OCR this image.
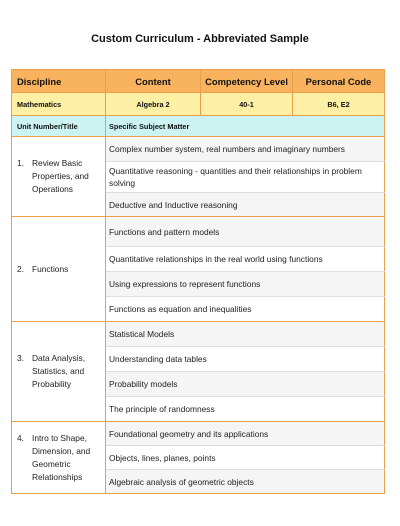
Custom Curriculum - Abbreviated Sample
Discipline	Content	Competency Level	Personal Code
Mathematics	Algebra 2	40-1	B6, E2
Unit Number/Title	Specific Subject Matter		

1. Review Basic Properties, and Operations	Complex number system, real numbers and imaginary numbers		
	Quantitative reasoning - quantities and their relationships in problem solving		
	Deductive and Inductive reasoning		

2. Functions	Functions and pattern models		
	Quantitative relationships in the real world using functions		
	Using expressions to represent functions		
	Functions as equation and inequalities		

3. Data Analysis, Statistics, and Probability	Statistical Models		
	Understanding data tables		
	Probability models		
	The principle of randomness		

4. Intro to Shape, Dimension, and Geometric Relationships	Foundational geometry and its applications		
	Objects, lines, planes, points		
	Algebraic analysis of geometric objects		
